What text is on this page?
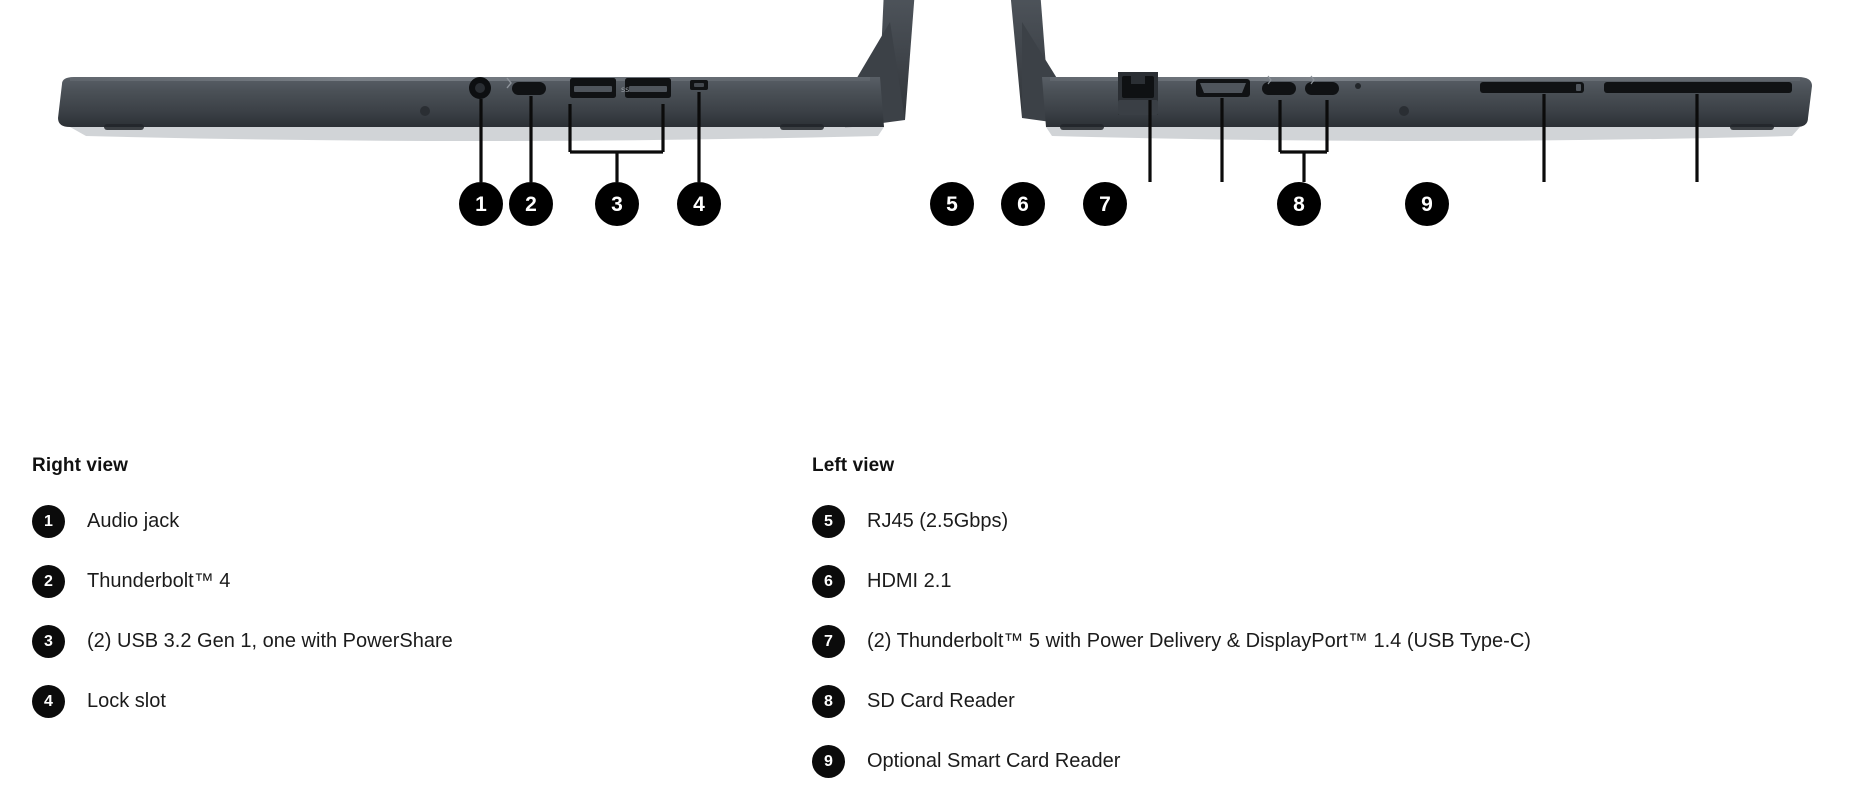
ss
1	2	3	4	5	6	7	8	9
Right view
1	Audio jack
2	Thunderbolt™ 4
3	(2) USB 3.2 Gen 1, one with PowerShare
4	Lock slot
Left view
5	RJ45 (2.5Gbps)
6	HDMI 2.1
7	(2) Thunderbolt™ 5 with Power Delivery & DisplayPort™ 1.4 (USB Type-C)
8	SD Card Reader
9	Optional Smart Card Reader
